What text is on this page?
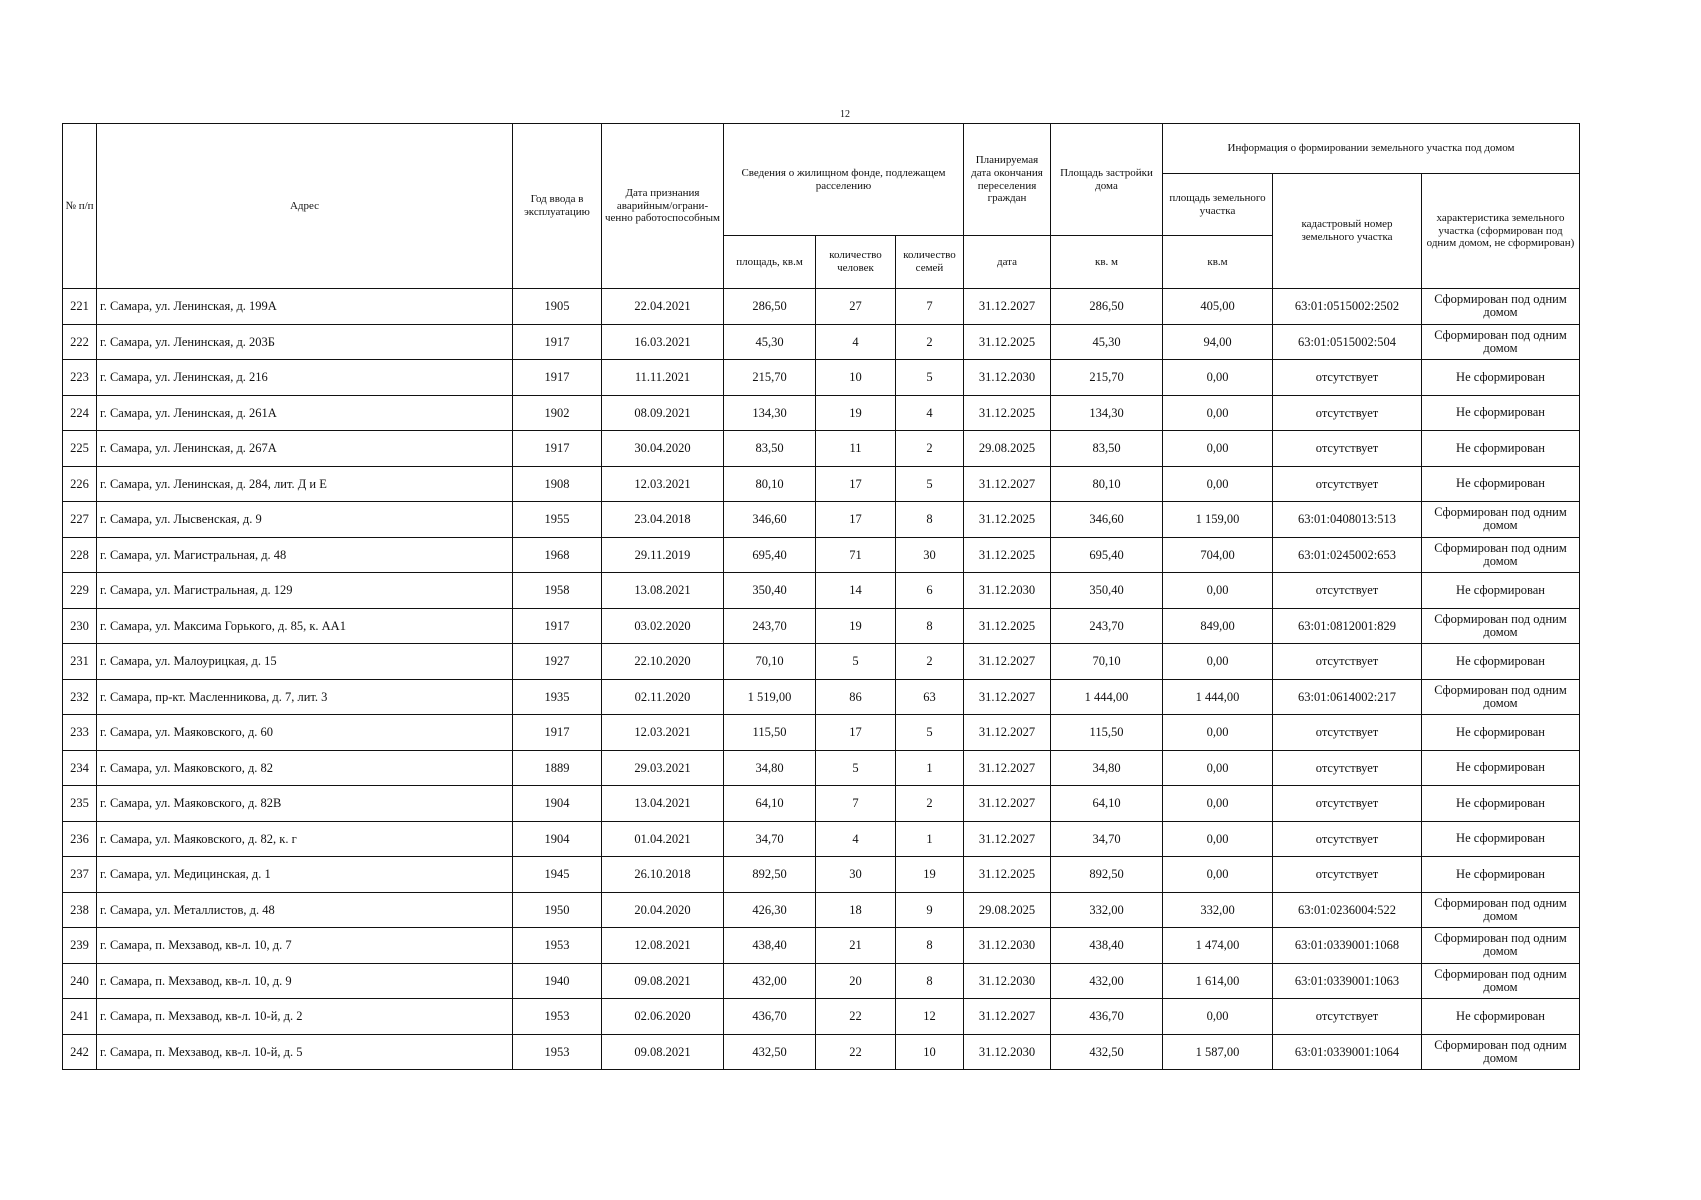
12
№ п/п	Адрес	Год ввода в эксплуатацию	Дата признания аварийным/ограни-ченно работоспособным	Сведения о жилищном фонде, подлежащем расселению			Планируемая дата окончания переселения граждан	Площадь застройки дома	Информация о формировании земельного участка под домом		
									площадь земельного участка	кадастровый номер земельного участка	характеристика земельного участка (сформирован под одним домом, не сформирован)
				площадь, кв.м	количество человек	количество семей	дата	кв. м	кв.м		
221	г. Самара, ул. Ленинская, д. 199А	1905	22.04.2021	286,50	27	7	31.12.2027	286,50	405,00	63:01:0515002:2502	Сформирован под одним домом
222	г. Самара, ул. Ленинская, д. 203Б	1917	16.03.2021	45,30	4	2	31.12.2025	45,30	94,00	63:01:0515002:504	Сформирован под одним домом
223	г. Самара, ул. Ленинская, д. 216	1917	11.11.2021	215,70	10	5	31.12.2030	215,70	0,00	отсутствует	Не сформирован
224	г. Самара, ул. Ленинская, д. 261А	1902	08.09.2021	134,30	19	4	31.12.2025	134,30	0,00	отсутствует	Не сформирован
225	г. Самара, ул. Ленинская, д. 267А	1917	30.04.2020	83,50	11	2	29.08.2025	83,50	0,00	отсутствует	Не сформирован
226	г. Самара, ул. Ленинская, д. 284, лит. Д и Е	1908	12.03.2021	80,10	17	5	31.12.2027	80,10	0,00	отсутствует	Не сформирован
227	г. Самара, ул. Лысвенская, д. 9	1955	23.04.2018	346,60	17	8	31.12.2025	346,60	1 159,00	63:01:0408013:513	Сформирован под одним домом
228	г. Самара, ул. Магистральная, д. 48	1968	29.11.2019	695,40	71	30	31.12.2025	695,40	704,00	63:01:0245002:653	Сформирован под одним домом
229	г. Самара, ул. Магистральная, д. 129	1958	13.08.2021	350,40	14	6	31.12.2030	350,40	0,00	отсутствует	Не сформирован
230	г. Самара, ул. Максима Горького, д. 85, к. АА1	1917	03.02.2020	243,70	19	8	31.12.2025	243,70	849,00	63:01:0812001:829	Сформирован под одним домом
231	г. Самара, ул. Малоурицкая, д. 15	1927	22.10.2020	70,10	5	2	31.12.2027	70,10	0,00	отсутствует	Не сформирован
232	г. Самара, пр-кт. Масленникова, д. 7, лит. 3	1935	02.11.2020	1 519,00	86	63	31.12.2027	1 444,00	1 444,00	63:01:0614002:217	Сформирован под одним домом
233	г. Самара, ул. Маяковского, д. 60	1917	12.03.2021	115,50	17	5	31.12.2027	115,50	0,00	отсутствует	Не сформирован
234	г. Самара, ул. Маяковского, д. 82	1889	29.03.2021	34,80	5	1	31.12.2027	34,80	0,00	отсутствует	Не сформирован
235	г. Самара, ул. Маяковского, д. 82В	1904	13.04.2021	64,10	7	2	31.12.2027	64,10	0,00	отсутствует	Не сформирован
236	г. Самара, ул. Маяковского, д. 82, к. г	1904	01.04.2021	34,70	4	1	31.12.2027	34,70	0,00	отсутствует	Не сформирован
237	г. Самара, ул. Медицинская, д. 1	1945	26.10.2018	892,50	30	19	31.12.2025	892,50	0,00	отсутствует	Не сформирован
238	г. Самара, ул. Металлистов, д. 48	1950	20.04.2020	426,30	18	9	29.08.2025	332,00	332,00	63:01:0236004:522	Сформирован под одним домом
239	г. Самара, п. Мехзавод, кв-л. 10, д. 7	1953	12.08.2021	438,40	21	8	31.12.2030	438,40	1 474,00	63:01:0339001:1068	Сформирован под одним домом
240	г. Самара, п. Мехзавод, кв-л. 10, д. 9	1940	09.08.2021	432,00	20	8	31.12.2030	432,00	1 614,00	63:01:0339001:1063	Сформирован под одним домом
241	г. Самара, п. Мехзавод, кв-л. 10-й, д. 2	1953	02.06.2020	436,70	22	12	31.12.2027	436,70	0,00	отсутствует	Не сформирован
242	г. Самара, п. Мехзавод, кв-л. 10-й, д. 5	1953	09.08.2021	432,50	22	10	31.12.2030	432,50	1 587,00	63:01:0339001:1064	Сформирован под одним домом
